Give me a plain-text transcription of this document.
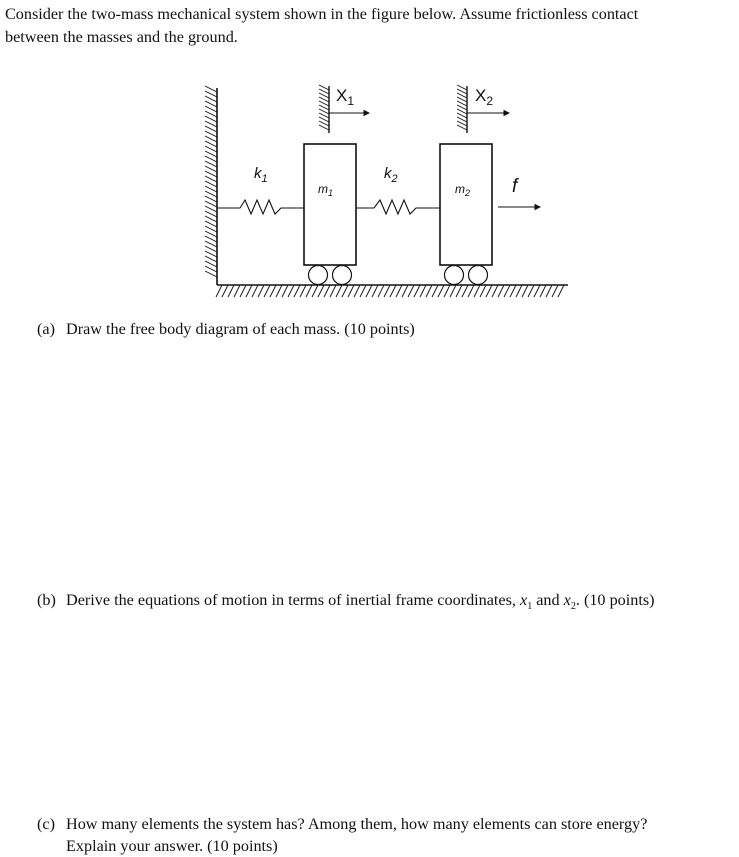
Consider the two-mass mechanical system shown in the figure below. Assume frictionless contact
between the masses and the ground.

$X_1$	$X_2$
$k_1$	$k_2$
$m_1$	$m_2$ f

(a) Draw the free body diagram of each mass. (10 points)

(b) Derive the equations of motion in terms of inertial frame coordinates, $x_1$ and $x_2$. (10 points)

(c) How many elements the system has? Among them, how many elements can store energy?
Explain your answer. (10 points)
